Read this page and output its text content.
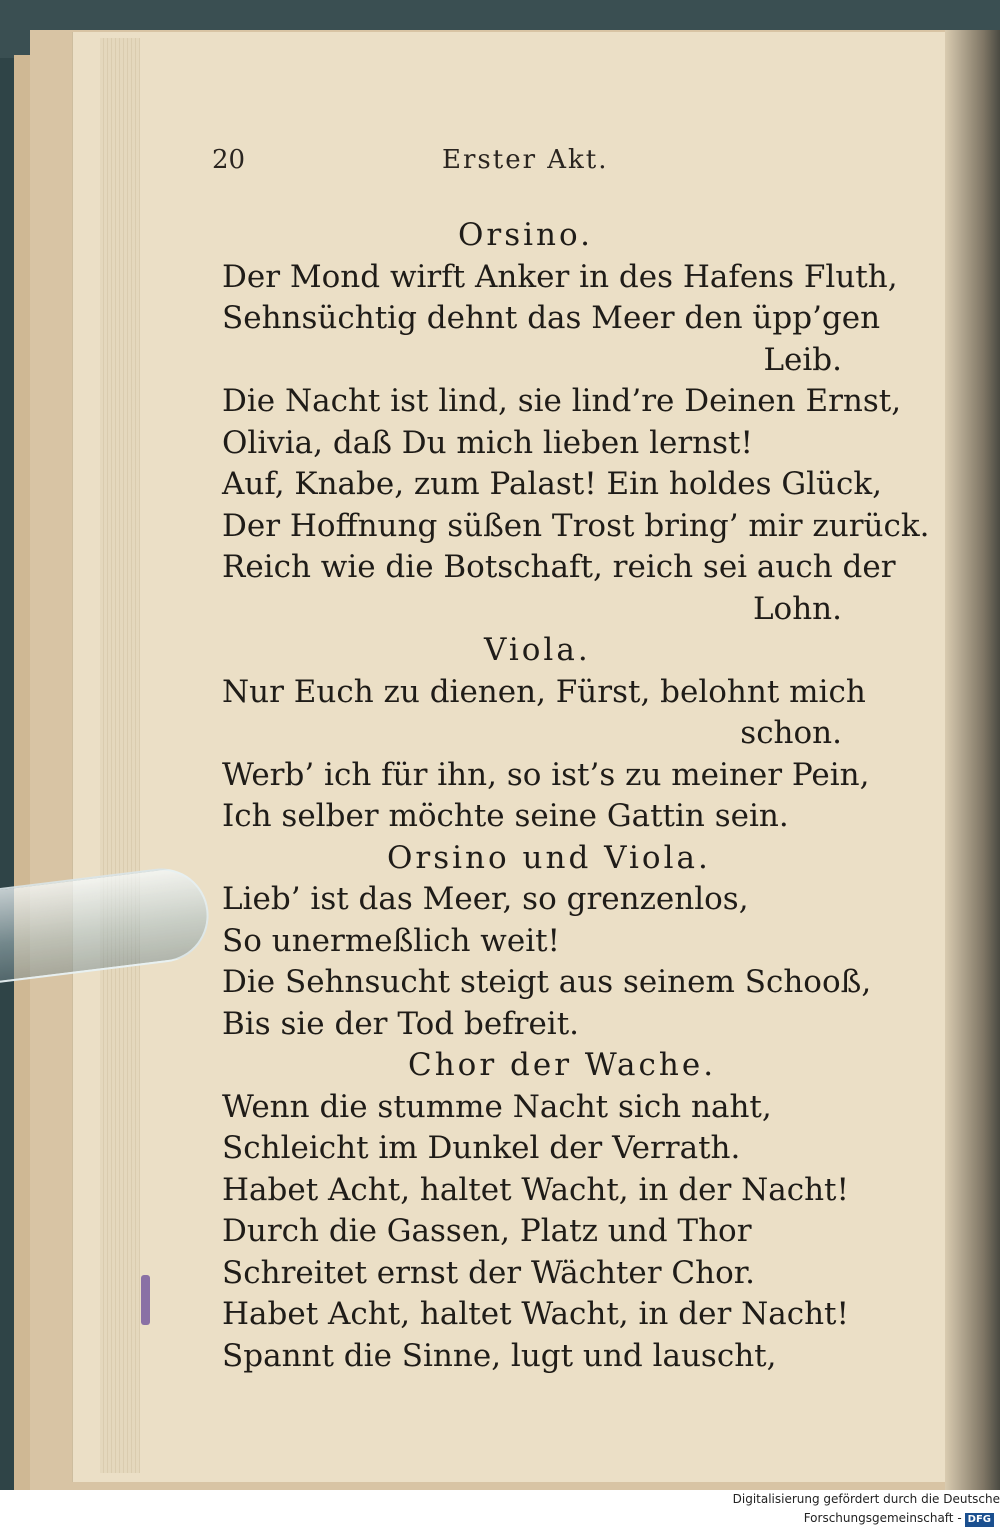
20	Erster Akt.
Orsino.
Der Mond wirft Anker in des Hafens Fluth,
Sehnsüchtig dehnt das Meer den üpp’gen
Leib.
Die Nacht ist lind, sie lind’re Deinen Ernst,
Olivia, daß Du mich lieben lernst!
Auf, Knabe, zum Palast! Ein holdes Glück,
Der Hoffnung süßen Trost bring’ mir zurück.
Reich wie die Botschaft, reich sei auch der
Lohn.
Viola.
Nur Euch zu dienen, Fürst, belohnt mich
schon.
Werb’ ich für ihn, so ist’s zu meiner Pein,
Ich selber möchte seine Gattin sein.
Orsino und Viola.
Lieb’ ist das Meer, so grenzenlos,
So unermeßlich weit!
Die Sehnsucht steigt aus seinem Schooß,
Bis sie der Tod befreit.
Chor der Wache.
Wenn die stumme Nacht sich naht,
Schleicht im Dunkel der Verrath.
Habet Acht, haltet Wacht, in der Nacht!
Durch die Gassen, Platz und Thor
Schreitet ernst der Wächter Chor.
Habet Acht, haltet Wacht, in der Nacht!
Spannt die Sinne, lugt und lauscht,
Digitalisierung gefördert durch die Deutsche Forschungsgemeinschaft - DFG
